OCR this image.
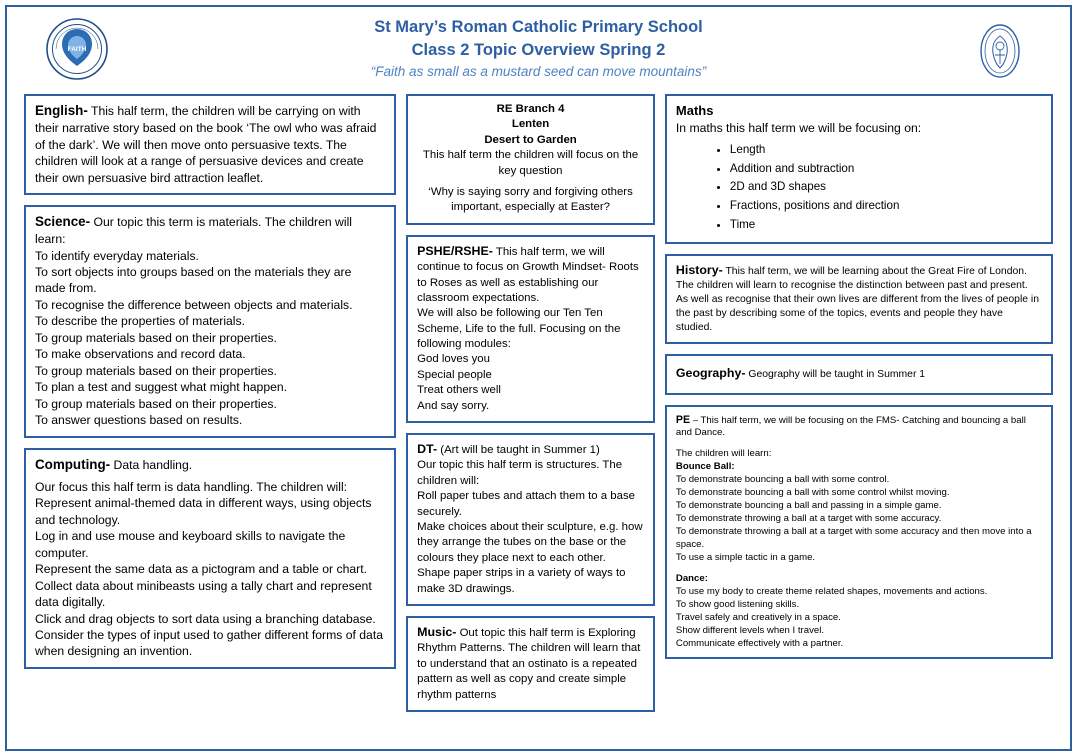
FAITH
St Mary’s Roman Catholic Primary School
Class 2 Topic Overview Spring 2
“Faith as small as a mustard seed can move mountains”

English- This half term, the children will be carrying on with their narrative story based on the book ‘The owl who was afraid of the dark’. We will then move onto persuasive texts. The children will look at a range of persuasive devices and create their own persuasive bird attraction leaflet.

Science- Our topic this term is materials. The children will learn:

To identify everyday materials.

To sort objects into groups based on the materials they are made from.

To recognise the difference between objects and materials.

To describe the properties of materials.

To group materials based on their properties.

To make observations and record data.

To group materials based on their properties.

To plan a test and suggest what might happen.

To group materials based on their properties.

To answer questions based on results.

Computing- Data handling.

Our focus this half term is data handling. The children will:

Represent animal-themed data in different ways, using objects and technology.

Log in and use mouse and keyboard skills to navigate the computer.

Represent the same data as a pictogram and a table or chart.

Collect data about minibeasts using a tally chart and represent data digitally.

Click and drag objects to sort data using a branching database.

Consider the types of input used to gather different forms of data when designing an invention.

RE Branch 4

Lenten

Desert to Garden

This half term the children will focus on the key question

‘Why is saying sorry and forgiving others important, especially at Easter?

PSHE/RSHE- This half term, we will continue to focus on Growth Mindset- Roots to Roses as well as establishing our classroom expectations.

We will also be following our Ten Ten Scheme, Life to the full. Focusing on the following modules:

God loves you

Special people

Treat others well

And say sorry.

DT- (Art will be taught in Summer 1)

Our topic this half term is structures. The children will:

Roll paper tubes and attach them to a base securely.

Make choices about their sculpture, e.g. how they arrange the tubes on the base or the colours they place next to each other.

Shape paper strips in a variety of ways to make 3D drawings.

Music- Out topic this half term is Exploring Rhythm Patterns. The children will learn that to understand that an ostinato is a repeated pattern as well as copy and create simple rhythm patterns

Maths

In maths this half term we will be focusing on:

• Length
• Addition and subtraction
• 2D and 3D shapes
• Fractions, positions and direction
• Time

History- This half term, we will be learning about the Great Fire of London. The children will learn to recognise the distinction between past and present. As well as recognise that their own lives are different from the lives of people in the past by describing some of the topics, events and people they have studied.

Geography- Geography will be taught in Summer 1

PE – This half term, we will be focusing on the FMS- Catching and bouncing a ball and Dance.

The children will learn:

Bounce Ball:

To demonstrate bouncing a ball with some control.

To demonstrate bouncing a ball with some control whilst moving.

To demonstrate bouncing a ball and passing in a simple game.

To demonstrate throwing a ball at a target with some accuracy.

To demonstrate throwing a ball at a target with some accuracy and then move into a space.

To use a simple tactic in a game.

Dance:

To use my body to create theme related shapes, movements and actions.

To show good listening skills.

Travel safely and creatively in a space.

Show different levels when I travel.

Communicate effectively with a partner.
